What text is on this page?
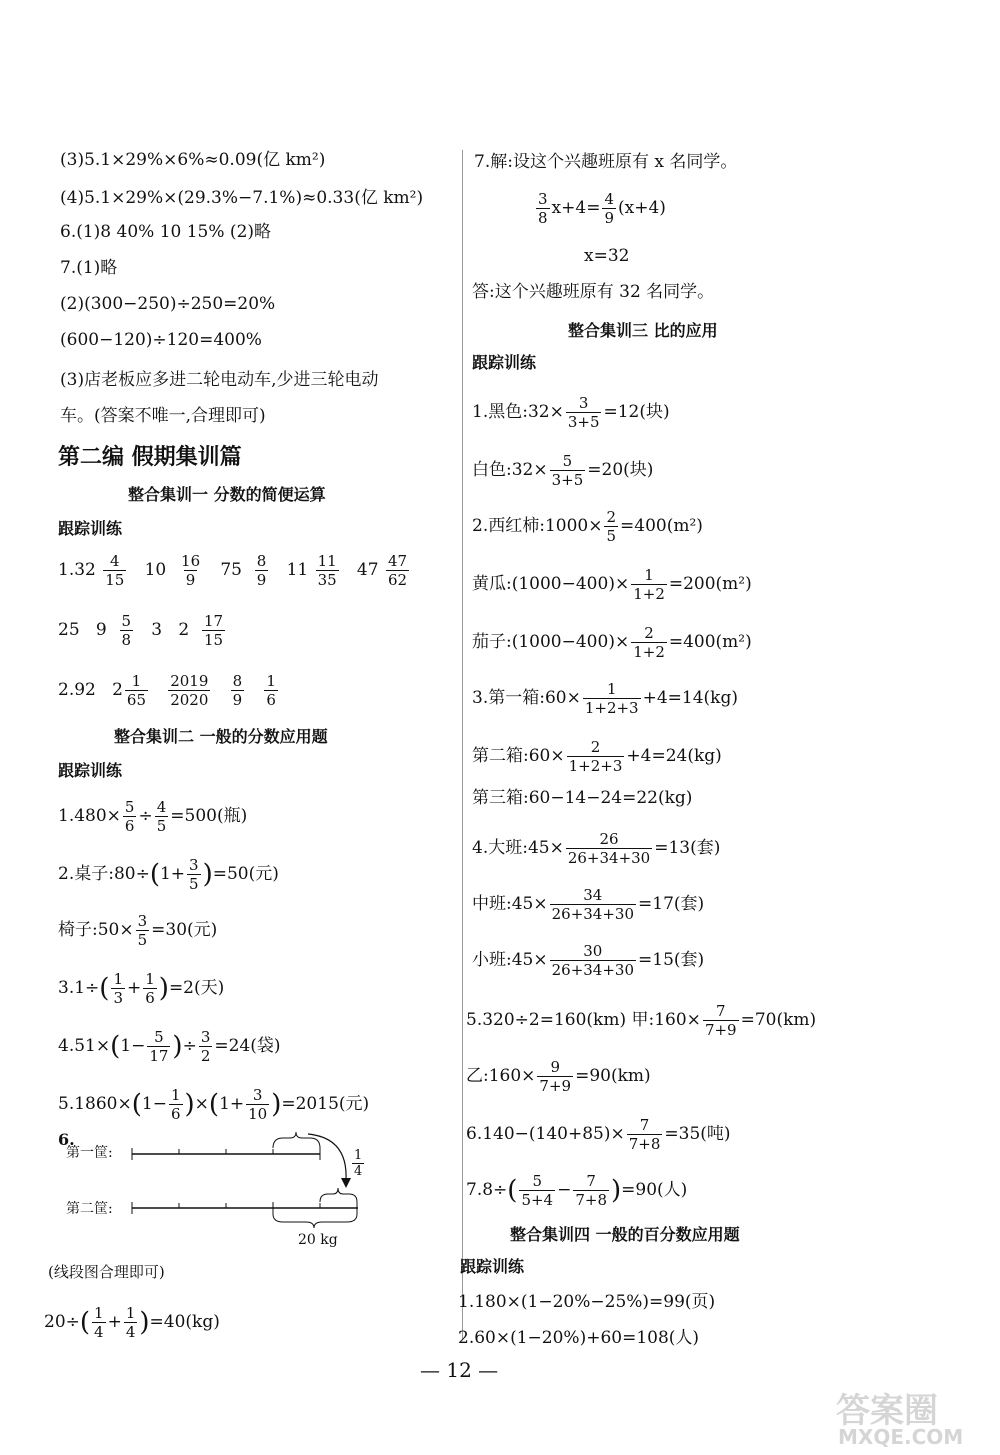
(3)5.1×29%×6%≈0.09(亿 km²)
(4)5.1×29%×(29.3%−7.1%)≈0.33(亿 km²)
6.(1)8 40% 10 15% (2)略
7.(1)略
(2)(300−250)÷250=20%
(600−120)÷120=400%
(3)店老板应多进二轮电动车,少进三轮电动
车。(答案不唯一,合理即可)
第二编 假期集训篇
整合集训一 分数的简便运算
跟踪训练
$1.32 \frac{4}{15} 10 \frac{16}{9} 75 \frac{8}{9} 11 \frac{11}{35} 47 \frac{47}{62}$
25 $9 \frac{5}{8} 3$ $2 \frac{17}{15}$
2.92 $2 \frac{1}{65}$
$\frac{2019}{2020}$
$\frac{8}{9}$
$\frac{1}{6}$
整合集训二 一般的分数应用题
跟踪训练
$1.480\times \frac{5}{6} \div \frac{4}{5} =500$(瓶)
2.桌子:80÷(1+ $\frac{3}{5} )=50$(元)
椅子:50× $\frac{3}{5} =30$(元)
$3.1\div( \frac{1}{3} + \frac{1}{6} )=2$(天)
$4.51\times(1- \frac{5}{17}$ )÷ $\frac{3}{2} =24$(袋)
$5.1860\times(1- \frac{1}{6} )\times(1+ \frac{3}{10} )=2015$(元)
6.
第一筐:
第二筐:
$\frac{1}{4}$
20 kg
(线段图合理即可)
$20\div( \frac{1}{4} + \frac{1}{4} )=40(kg)$
7.解:设这个兴趣班原有 x 名同学。
$\frac{3}{8} x+4= \frac{4}{9} (x+4)$
x=32
答:这个兴趣班原有 32 名同学。
整合集训三 比的应用
跟踪训练
1.黑色:32× $\frac{3}{3+5} =12$(块)
白色:32× $\frac{5}{3+5} =20$(块)
2.西红柿:1000× $\frac{2}{5} =400(m^2)$
黄瓜:(1000−400)× $\frac{1}{1+2} =200(m^2)$
茄子:(1000−400)× $\frac{2}{1+2} =400(m^2)$
3.第一箱:60× $\frac{1}{1+2+3} +4=14(kg)$
第二箱:60× $\frac{2}{1+2+3} +4=24(kg)$
第三箱:60−14−24=22(kg)
4.大班:45× $\frac{26}{26+34+30} =13$(套)
中班:45× $\frac{34}{26+34+30} =17$(套)
小班:45× $\frac{30}{26+34+30} =15$(套)
5.320÷2=160(km) 甲:160× $\frac{7}{7+9} =70(km)$
乙:160× $\frac{9}{7+9} =90(km)$
$6.140-(140+85)\times \frac{7}{7+8} =35$(吨)
$7.8\div( \frac{5}{5+4} - \frac{7}{7+8} )=90$(人)
整合集训四 一般的百分数应用题
跟踪训练
1.180×(1−20%−25%)=99(页)
2.60×(1−20%)+60=108(人)
— 12 —
答案圈
MXQE.COM
